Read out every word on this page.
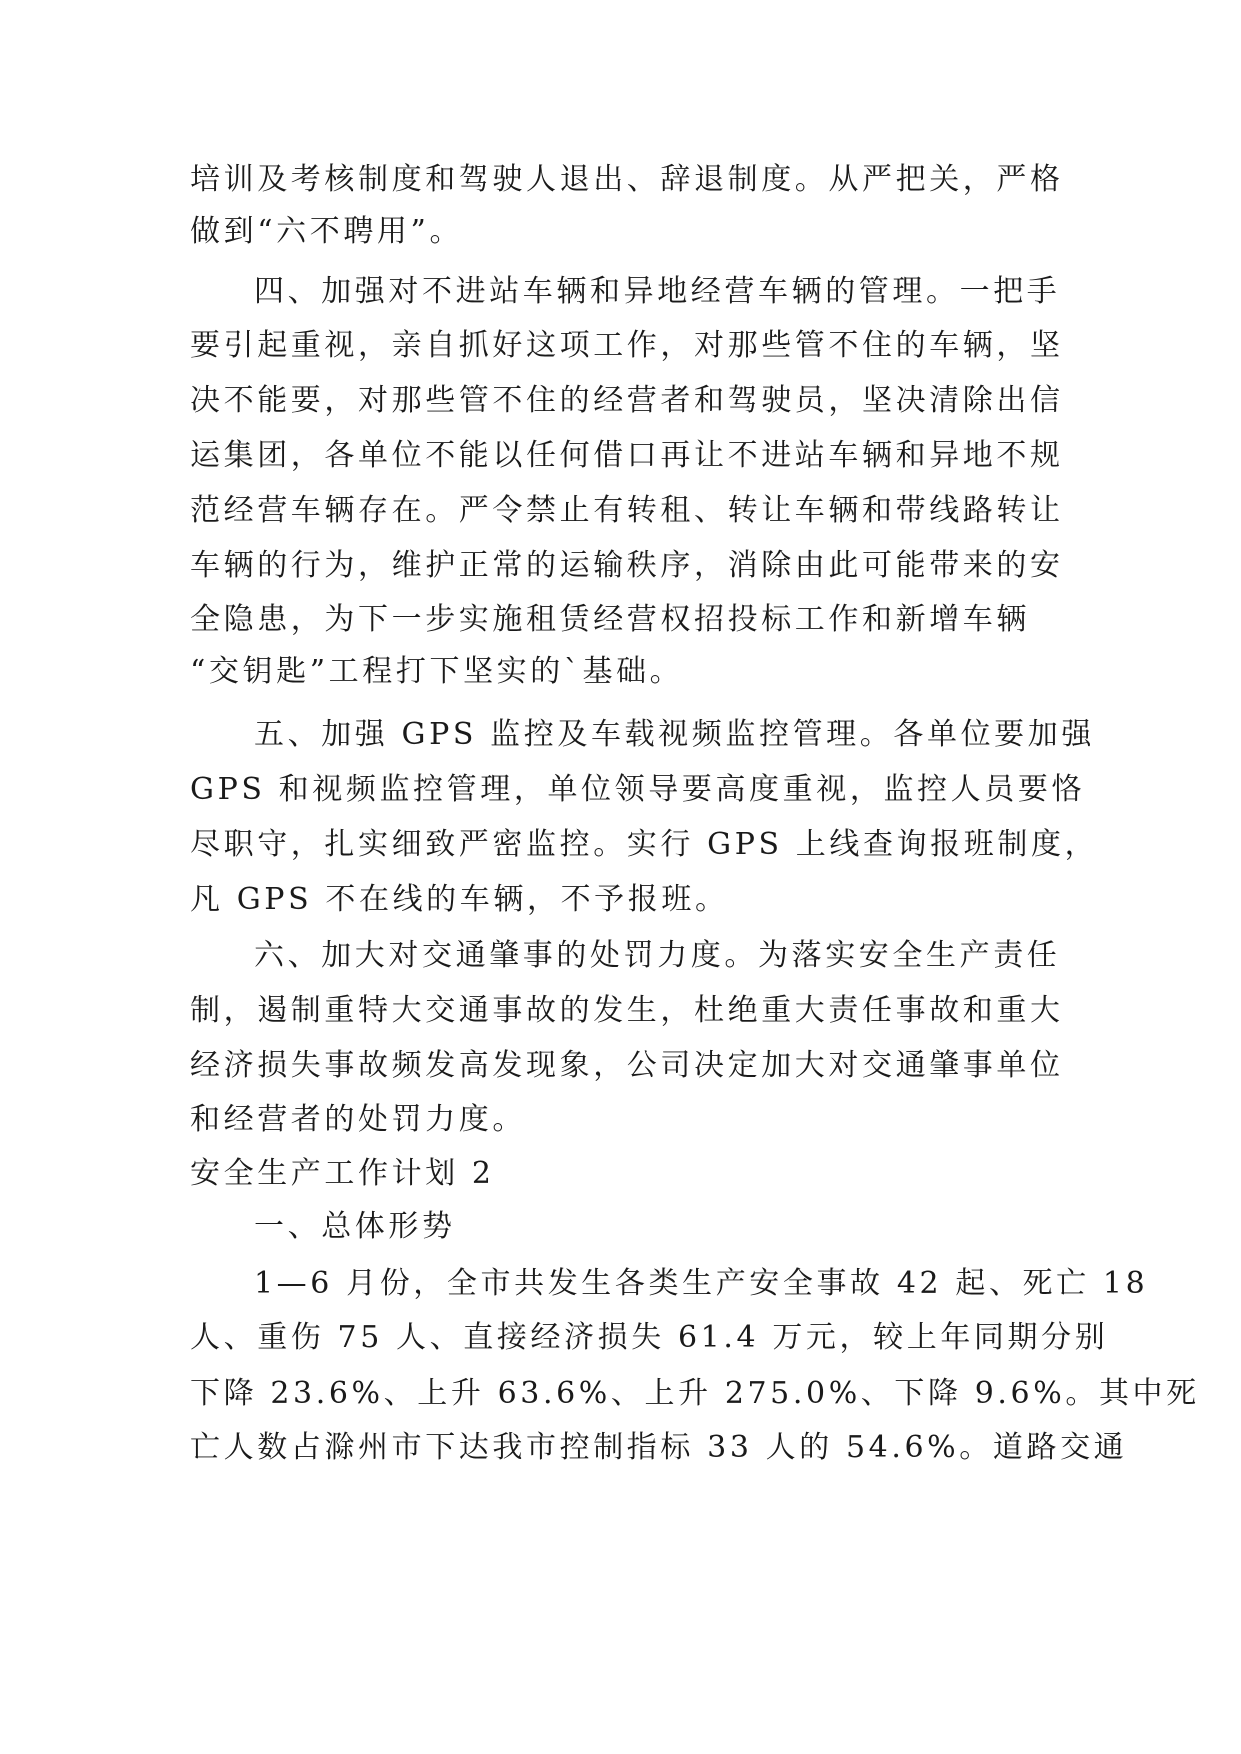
培训及考核制度和驾驶人退出、辞退制度。从严把关，严格
做到“六不聘用”。
四、加强对不进站车辆和异地经营车辆的管理。一把手
要引起重视，亲自抓好这项工作，对那些管不住的车辆，坚
决不能要，对那些管不住的经营者和驾驶员，坚决清除出信
运集团，各单位不能以任何借口再让不进站车辆和异地不规
范经营车辆存在。严令禁止有转租、转让车辆和带线路转让
车辆的行为，维护正常的运输秩序，消除由此可能带来的安
全隐患，为下一步实施租赁经营权招投标工作和新增车辆
“交钥匙”工程打下坚实的`基础。
五、加强 GPS 监控及车载视频监控管理。各单位要加强
GPS 和视频监控管理，单位领导要高度重视，监控人员要恪
尽职守，扎实细致严密监控。实行 GPS 上线查询报班制度，
凡 GPS 不在线的车辆，不予报班。
六、加大对交通肇事的处罚力度。为落实安全生产责任
制，遏制重特大交通事故的发生，杜绝重大责任事故和重大
经济损失事故频发高发现象，公司决定加大对交通肇事单位
和经营者的处罚力度。
安全生产工作计划 2
一、总体形势
1—6 月份，全市共发生各类生产安全事故 42 起、死亡 18
人、重伤 75 人、直接经济损失 61.4 万元，较上年同期分别
下降 23.6%、上升 63.6%、上升 275.0%、下降 9.6%。其中死
亡人数占滁州市下达我市控制指标 33 人的 54.6%。道路交通
